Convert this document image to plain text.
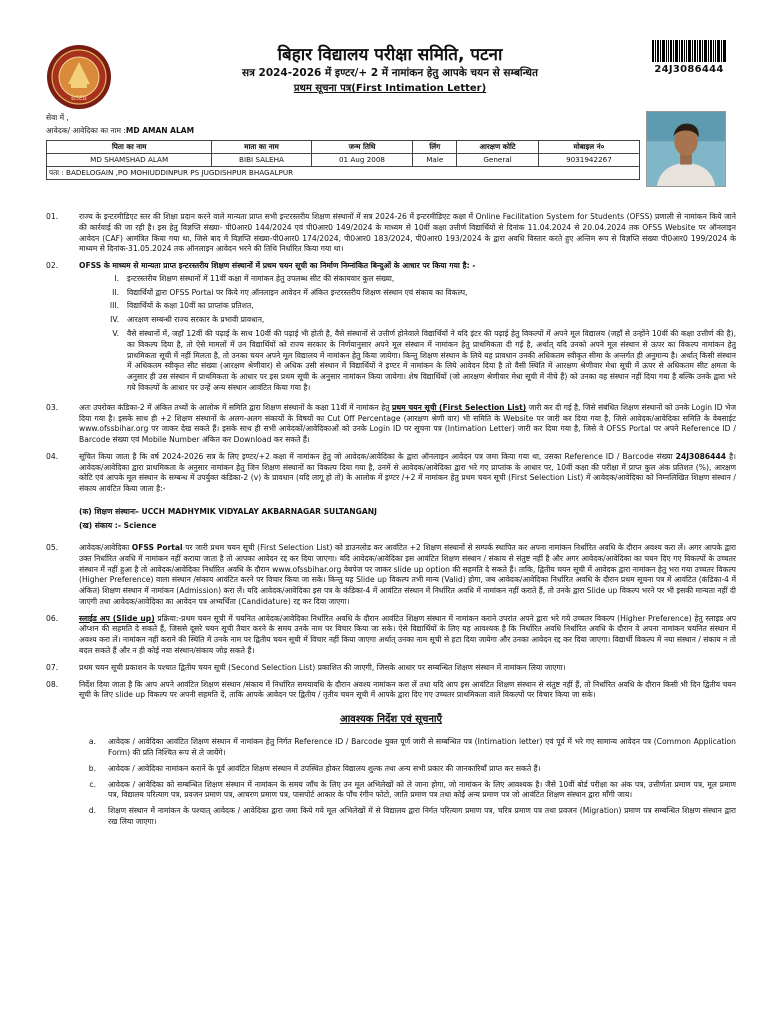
BSEB
बिहार विद्यालय परीक्षा समिति, पटना
सत्र 2024-2026 में इण्टर/+ 2 में नामांकन हेतु आपके चयन से सम्बन्धित
प्रथम सूचना पत्र(First Intimation Letter)
24J3086444
सेवा में ,
आवेदक/ आवेदिका का नाम :MD AMAN ALAM
पिता का नाम	माता का नाम	जन्म तिथि	लिंग	आरक्षण कोटि	मोबाइल नं०
MD SHAMSHAD ALAM	BIBI SALEHA	01 Aug 2008	Male	General	9031942267
पता : BADELOGAIN ,PO MOHIUDDINPUR PS JUGDISHPUR BHAGALPUR					
01.	राज्य के इन्टरमीडिएट स्तर की शिक्षा प्रदान करने वाले मान्यता प्राप्त सभी इन्टरस्तरीय शिक्षण संस्थानों में सत्र 2024-26 में इन्टरमीडिएट कक्षा में Online Facilitation System for Students (OFSS) प्रणाली से नामांकन किये जाने की कार्रवाई की जा रही है। इस हेतु विज्ञप्ति संख्या- पी0आर0 144/2024 एवं पी0आर0 149/2024 के माध्यम से 10वीं कक्षा उत्तीर्ण विद्यार्थियों से दिनांक 11.04.2024 से 20.04.2024 तक OFSS Website पर ऑनलाइन आवेदन (CAF) आमंत्रित किया गया था, जिसे बाद में विज्ञप्ति संख्या-पी0आर0 174/2024, पी0आर0 183/2024, पी0आर0 193/2024 के द्वारा अवधि विस्तार करते हुए अन्तिम रूप से विज्ञप्ति संख्या पी0आर0 199/2024 के माध्यम से दिनांक-31.05.2024 तक ऑनलाइन आवेदन भरने की तिथि निर्धारित किया गया था।
02.	OFSS के माध्यम से मान्यता प्राप्त इन्टरस्तरीय शिक्षण संस्थानों में प्रथम चयन सूची का निर्माण निम्नांकित बिन्दुओं के आधार पर किया गया है: -
I.	इन्टरस्तरीय शिक्षण संस्थानों में 11वीं कक्षा में नामांकन हेतु उपलब्ध सीट की संकायवार कुल संख्या,
II.	विद्यार्थियों द्वारा OFSS Portal पर किये गए ऑनलाइन आवेदन में अंकित इन्टरस्तरीय शिक्षण संस्थान एवं संकाय का विकल्प,
III.	विद्यार्थियों के कक्षा 10वीं का प्राप्तांक प्रतिशत,
IV.	आरक्षण सम्बन्धी राज्य सरकार के प्रभावी प्रावधान,
V.	वैसे संस्थानों में, जहाँ 12वीं की पढ़ाई के साथ 10वीं की पढ़ाई भी होती है, वैसे संस्थानों से उत्तीर्ण होनेवाले विद्यार्थियों ने यदि इंटर की पढ़ाई हेतु विकल्पों में अपने मूल विद्यालय (जहाँ से उन्होंने 10वीं की कक्षा उत्तीर्ण की है), का विकल्प दिया है, तो ऐसे मामलों में उन विद्यार्थियों को राज्य सरकार के निर्णयानुसार अपने मूल संस्थान में नामांकन हेतु प्राथमिकता दी गई है, अर्थात् यदि उनको अपने मूल संस्थान से ऊपर का विकल्प नामांकन हेतु प्राथमिकता सूची में नहीं मिलता है, तो उनका चयन अपने मूल विद्यालय में नामांकन हेतु किया जायेगा। किन्तु शिक्षण संस्थान के लिये यह प्रावधान उनकी अधिकतम स्वीकृत सीमा के अन्तर्गत ही अनुमान्य है। अर्थात् किसी संस्थान में अधिकतम स्वीकृत सीट संख्या (आरक्षण श्रेणीवार) से अधिक उसी संस्थान में विद्यार्थियों ने इण्टर में नामांकन के लिये आवेदन दिया है तो वैसी स्थिति में आरक्षण श्रेणीवार मेधा सूची में ऊपर से अधिकतम सीट क्षमता के अनुसार ही उस संस्थान में प्राथमिकता के आधार पर इस प्रथम सूची के अनुसार नामांकन किया जायेगा। शेष विद्यार्थियों (जो आरक्षण श्रेणीवार मेधा सूची में नीचे हैं) को उनका वह संस्थान नहीं दिया गया है बल्कि उनके द्वारा भरे गये विकल्पों के आधार पर उन्हें अन्य संस्थान आवंटित किया गया है।
03.	अतः उपरोक्त कंडिका-2 में अंकित तथ्यों के आलोक में समिति द्वारा शिक्षण संस्थानों के कक्षा 11वीं में नामांकन हेतु प्रथम चयन सूची (First Selection List) जारी कर दी गई है, जिसे संबंधित शिक्षण संस्थानों को उनके Login ID भेज दिया गया है। इसके साथ ही +2 शिक्षण संस्थानों के अलग-अलग संकायों के विषयों का Cut Off Percentage (आरक्षण श्रेणी वार) भी समिति के Website पर जारी कर दिया गया है, जिसे आवेदक/आवेदिका समिति के वेबसाईट www.ofssbihar.org पर जाकर देख सकते हैं। इसके साथ ही सभी आवेदकों/आवेदिकाओं को उनके Login ID पर सूचना पत्र (Intimation Letter) जारी कर दिया गया है, जिसे वे OFSS Portal पर अपने Reference ID / Barcode संख्या एवं Mobile Number अंकित कर Download कर सकते हैं।
04.	सूचित किया जाता है कि वर्ष 2024-2026 सत्र के लिए इण्टर/+2 कक्षा में नामांकन हेतु जो आवेदक/आवेदिका के द्वारा ऑनलाइन आवेदन पत्र जमा किया गया था, उसका Reference ID / Barcode संख्या 24J3086444 है। आवेदक/आवेदिका द्वारा प्राथमिकता के अनुसार नामांकन हेतु जिन शिक्षण संस्थानों का विकल्प दिया गया है, उनमें से आवेदक/आवेदिका द्वारा भरे गए प्राप्तांक के आधार पर, 10वीं कक्षा की परीक्षा में प्राप्त कुल अंक प्रतिशत (%), आरक्षण कोटि एवं आपके मूल संस्थान के सम्बन्ध में उपर्युक्त कंडिका-2 (v) के प्रावधान (यदि लागू हो तो) के आलोक में इण्टर /+2 में नामांकन हेतु प्रथम चयन सूची (First Selection List) में आवेदक/आवेदिका को निम्नलिखित शिक्षण संस्थान / संकाय आवंटित किया जाता है:-
(क) शिक्षण संस्थानः- UCCH MADHYMIK VIDYALAY AKBARNAGAR SULTANGANJ
(ख) संकाय :- Science
05.	आवेदक/आवेदिका OFSS Portal पर जारी प्रथम चयन सूची (First Selection List) को डाउनलोड कर आवंटित +2 शिक्षण संस्थानों से सम्पर्क स्थापित कर अपना नामांकन निर्धारित अवधि के दौरान अवश्य करा लें। अगर आपके द्वारा उक्त निर्धारित अवधि में नामांकन नहीं कराया जाता है तो आपका आवेदन रद्द कर दिया जाएगा। यदि आवेदक/आवेदिका इस आवंटित शिक्षण संस्थान / संकाय से संतुष्ट नहीं है और अगर आवेदक/आवेदिका का चयन दिए गए विकल्पों के उच्चतर संस्थान में नहीं हुआ है तो आवेदक/आवेदिका निर्धारित अवधि के दौरान www.ofssbihar.org वेबपेज पर जाकर slide up option की सहमति दे सकते हैं। ताकि, द्वितीय चयन सूची में आवेदक द्वारा नामांकन हेतु भरा गया उच्चतर विकल्प (Higher Preference) वाला संस्थान /संकाय आवंटित करने पर विचार किया जा सके। किन्तु यह Slide up विकल्प तभी मान्य (Valid) होगा, जब आवेदक/आवेदिका निर्धारित अवधि के दौरान प्रथम सूचना पत्र में आवंटित (कंडिका-4 में अंकित) शिक्षण संस्थान में नामांकन (Admission) करा लें। यदि आवेदक/आवेदिका इस पत्र के कंडिका-4 में आवंटित संस्थान में निर्धारित अवधि में नामांकन नहीं कराते हैं, तो उनके द्वारा Slide up विकल्प भरने पर भी इसकी मान्यता नहीं दी जाएगी तथा आवेदक/आवेदिका का आवेदन पत्र अभ्यर्थिता (Candidature) रद्द कर दिया जाएगा।
06.	स्लाईड अप (Slide up) प्रक्रिया:-प्रथम चयन सूची में चयनित आवेदक/आवेदिका निर्धारित अवधि के दौरान आवंटित शिक्षण संस्थान में नामांकन कराने उपरांत अपने द्वारा भरे गये उच्चतर विकल्प (Higher Preference) हेतु स्लाइड अप ऑप्शन की सहमति दे सकते हैं, जिससे दूसरे चयन सूची तैयार करने के समय उनके नाम पर विचार किया जा सके। ऐसे विद्यार्थियों के लिए यह आवश्यक है कि निर्धारित अवधि निर्धारित अवधि के दौरान वे अपना नामांकन चयनित संस्थान में अवश्य करा लें। नामांकन नहीं कराने की स्थिति में उनके नाम पर द्वितीय चयन सूची में विचार नहीं किया जाएगा अर्थात् उनका नाम सूची से हटा दिया जायेगा और उनका आवेदन रद्द कर दिया जाएगा। विद्यार्थी विकल्प में नया संस्थान / संकाय न तो बदल सकते हैं और न ही कोई नया संस्थान/संकाय जोड़ सकते हैं।
07.	प्रथम चयन सूची प्रकाशन के पश्चात द्वितीय चयन सूची (Second Selection List) प्रकाशित की जाएगी, जिसके आधार पर सम्बन्धित शिक्षण संस्थान में नामांकन लिया जाएगा।
08.	निर्देश दिया जाता है कि आप अपने आवंटित शिक्षण संस्थान /संकाय में निर्धारित समयावधि के दौरान अवश्य नामांकन करा लें तथा यदि आप इस आवंटित शिक्षण संस्थान से संतुष्ट नहीं हैं, तो निर्धारित अवधि के दौरान किसी भी दिन द्वितीय चयन सूची के लिए slide up विकल्प पर अपनी सहमति दें, ताकि आपके आवेदन पर द्वितीय / तृतीय चयन सूची में आपके द्वारा दिए गए उच्चतर प्राथमिकता वाले विकल्पों पर विचार किया जा सके।
आवश्यक निर्देश एवं सूचनाएँ
a.	आवेदक / आवेदिका आवंटित शिक्षण संस्थान में नामांकन हेतु निर्गत Reference ID / Barcode युक्त पूर्ण जारी से सम्बन्धित पत्र (Intimation letter) एवं पूर्व में भरे गए सामान्य आवेदन पत्र (Common Application Form) की प्रति निश्चित रूप से ले जायेंगे।
b.	आवेदक / आवेदिका नामांकन कराने के पूर्व आवंटित शिक्षण संस्थान में उपस्थित होकर विद्यालय शुल्क तथा अन्य सभी प्रकार की जानकारियाँ प्राप्त कर सकते हैं।
c.	आवेदक / आवेदिका को सम्बन्धित शिक्षण संस्थान में नामांकन के समय जाँच के लिए उन मूल अभिलेखों को ले जाना होगा, जो नामांकन के लिए आवश्यक है। जैसे 10वीं बोर्ड परीक्षा का अंक पत्र, उत्तीर्णता प्रमाण पत्र, मूल प्रमाण पत्र, विद्यालय परित्याग पत्र, प्रवजन प्रमाण पत्र, आचरण प्रमाण पत्र, पासपोर्ट आकार के पाँच रंगीन फोटो, जाति प्रमाण पत्र तथा कोई अन्य प्रमाण पत्र जो आवंटित शिक्षण संस्थान द्वारा माँगी जाय।
d.	शिक्षण संस्थान में नामांकन के पश्चात् आवेदक / आवेदिका द्वारा जमा किये गये मूल अभिलेखों में से विद्यालय द्वारा निर्गत परित्याग प्रमाण पत्र, चरित्र प्रमाण पत्र तथा प्रवजन (Migration) प्रमाण पत्र सम्बन्धित शिक्षण संस्थान द्वारा रख लिया जाएगा।
